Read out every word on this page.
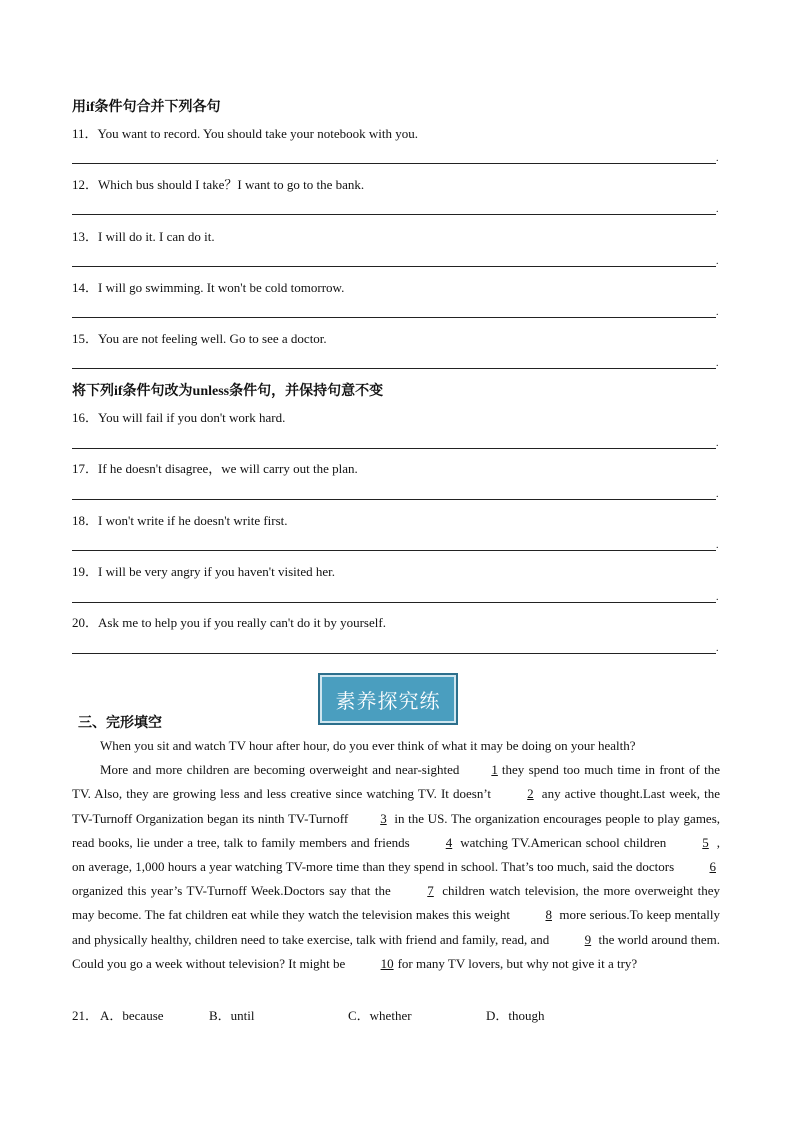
用if条件句合并下列各句
11．You want to record. You should take your notebook with you.
.
12．Which bus should I take？I want to go to the bank.
.
13．I will do it. I can do it.
.
14．I will go swimming. It won't be cold tomorrow.
.
15．You are not feeling well. Go to see a doctor.
.
将下列if条件句改为unless条件句，并保持句意不变
16．You will fail if you don't work hard.
.
17．If he doesn't disagree，we will carry out the plan.
.
18．I won't write if he doesn't write first.
.
19．I will be very angry if you haven't visited her.
.
20．Ask me to help you if you really can't do it by yourself.
.
素养探究练
三、完形填空

When you sit and watch TV hour after hour, do you ever think of what it may be doing on your health?

More and more children are becoming overweight and near-sighted 1 they spend too much time in front of the TV. Also, they are growing less and less creative since watching TV. It doesn’t	2 any active thought.Last week, the TV-Turnoff Organization began its ninth TV-Turnoff 3 in the US. The organization encourages people to play games, read books, lie under a tree, talk to family members and friends	4 watching TV.American school children	5 , on average, 1,000 hours a year watching TV-more time than they spend in school. That’s too much, said the doctors	6 organized this year’s TV-Turnoff Week.Doctors say that the	7 children watch television, the more overweight they may become. The fat children eat while they watch the television makes this weight	8 more serious.To keep mentally and physically healthy, children need to take exercise, talk with friend and family, read, and	9 the world around them. Could you go a week without television? It might be	10 for many TV lovers, but why not give it a try?

21． A．because	B．until	C．whether	D．though
